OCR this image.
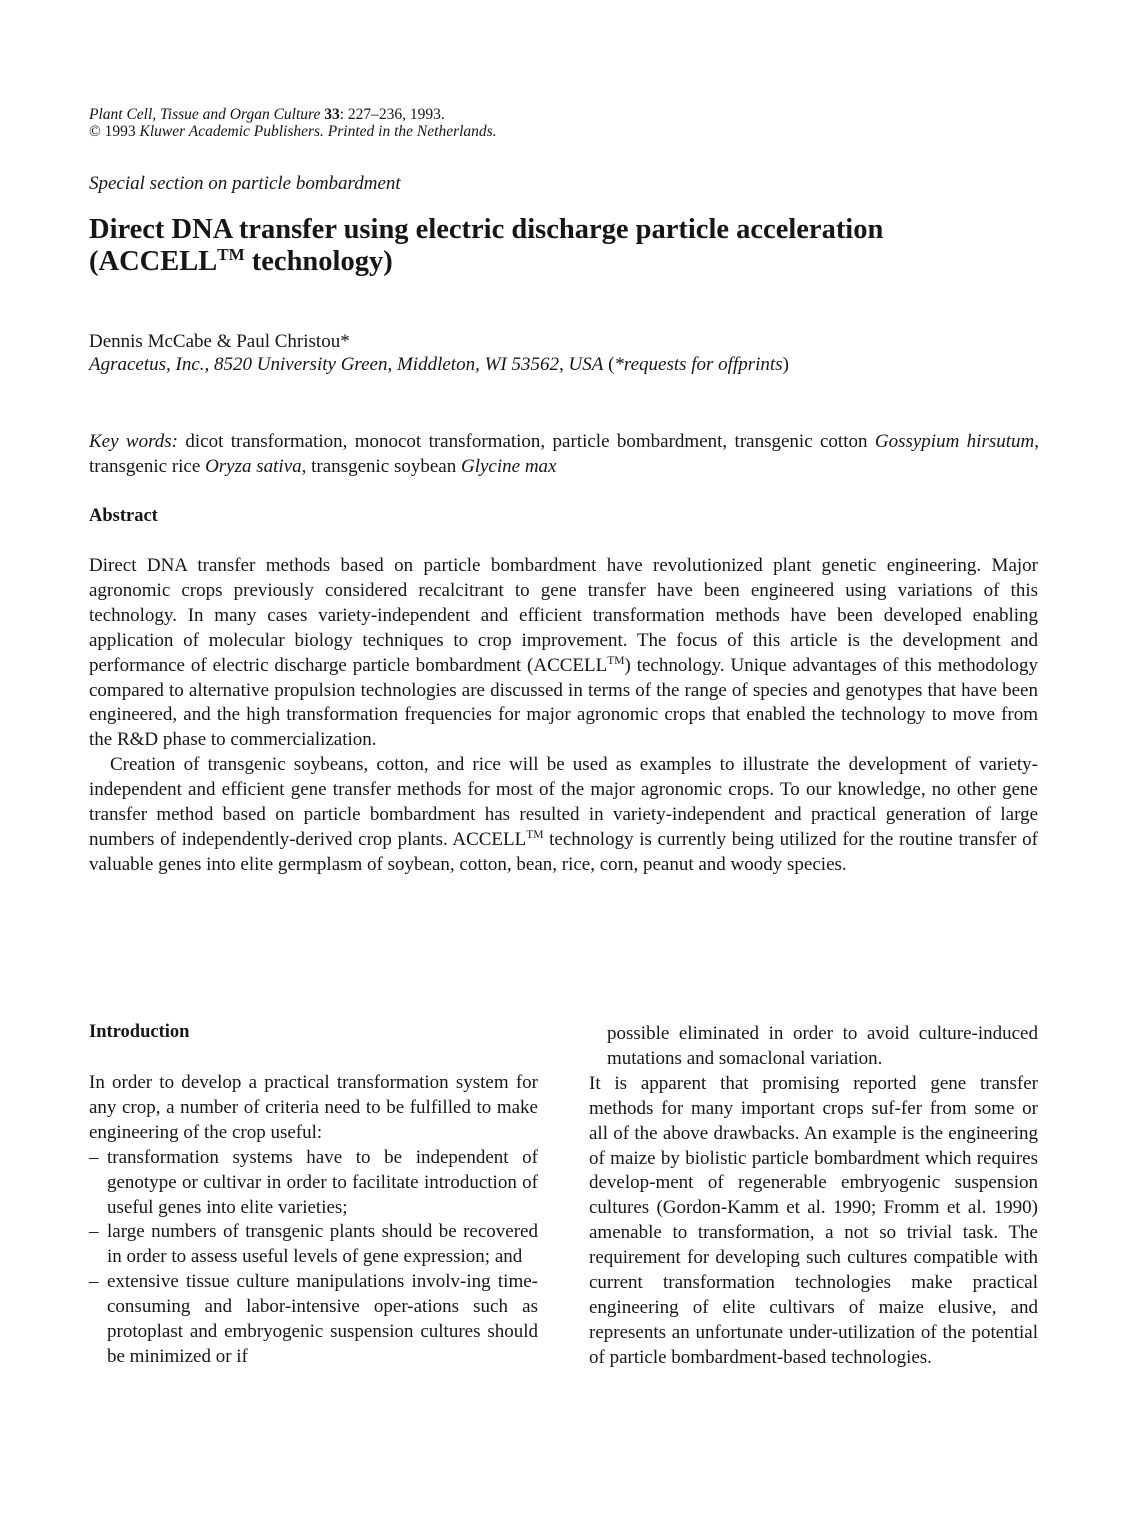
Plant Cell, Tissue and Organ Culture 33: 227–236, 1993.
© 1993 Kluwer Academic Publishers. Printed in the Netherlands.
Special section on particle bombardment
Direct DNA transfer using electric discharge particle acceleration
(ACCELL™ technology)
Dennis McCabe & Paul Christou*
Agracetus, Inc., 8520 University Green, Middleton, WI 53562, USA (*requests for offprints)
Key words: dicot transformation, monocot transformation, particle bombardment, transgenic cotton Gossypium hirsutum, transgenic rice Oryza sativa, transgenic soybean Glycine max
Abstract

Direct DNA transfer methods based on particle bombardment have revolutionized plant genetic engineering. Major agronomic crops previously considered recalcitrant to gene transfer have been engineered using variations of this technology. In many cases variety-independent and efficient transformation methods have been developed enabling application of molecular biology techniques to crop improvement. The focus of this article is the development and performance of electric discharge particle bombardment (ACCELL™) technology. Unique advantages of this methodology compared to alternative propulsion technologies are discussed in terms of the range of species and genotypes that have been engineered, and the high transformation frequencies for major agronomic crops that enabled the technology to move from the R&D phase to commercialization.

Creation of transgenic soybeans, cotton, and rice will be used as examples to illustrate the development of variety-independent and efficient gene transfer methods for most of the major agronomic crops. To our knowledge, no other gene transfer method based on particle bombardment has resulted in variety-independent and practical generation of large numbers of independently-derived crop plants. ACCELL™ technology is currently being utilized for the routine transfer of valuable genes into elite germplasm of soybean, cotton, bean, rice, corn, peanut and woody species.

Introduction

In order to develop a practical transformation system for any crop, a number of criteria need to be fulfilled to make engineering of the crop useful:

– transformation systems have to be independent of genotype or cultivar in order to facilitate introduction of useful genes into elite varieties;
– large numbers of transgenic plants should be recovered in order to assess useful levels of gene expression; and
– extensive tissue culture manipulations involv-ing time-consuming and labor-intensive oper-ations such as protoplast and embryogenic suspension cultures should be minimized or if
possible eliminated in order to avoid culture-induced mutations and somaclonal variation.

It is apparent that promising reported gene transfer methods for many important crops suf-fer from some or all of the above drawbacks. An example is the engineering of maize by biolistic particle bombardment which requires develop-ment of regenerable embryogenic suspension cultures (Gordon-Kamm et al. 1990; Fromm et al. 1990) amenable to transformation, a not so trivial task. The requirement for developing such cultures compatible with current transformation technologies make practical engineering of elite cultivars of maize elusive, and represents an unfortunate under-utilization of the potential of particle bombardment-based technologies.
